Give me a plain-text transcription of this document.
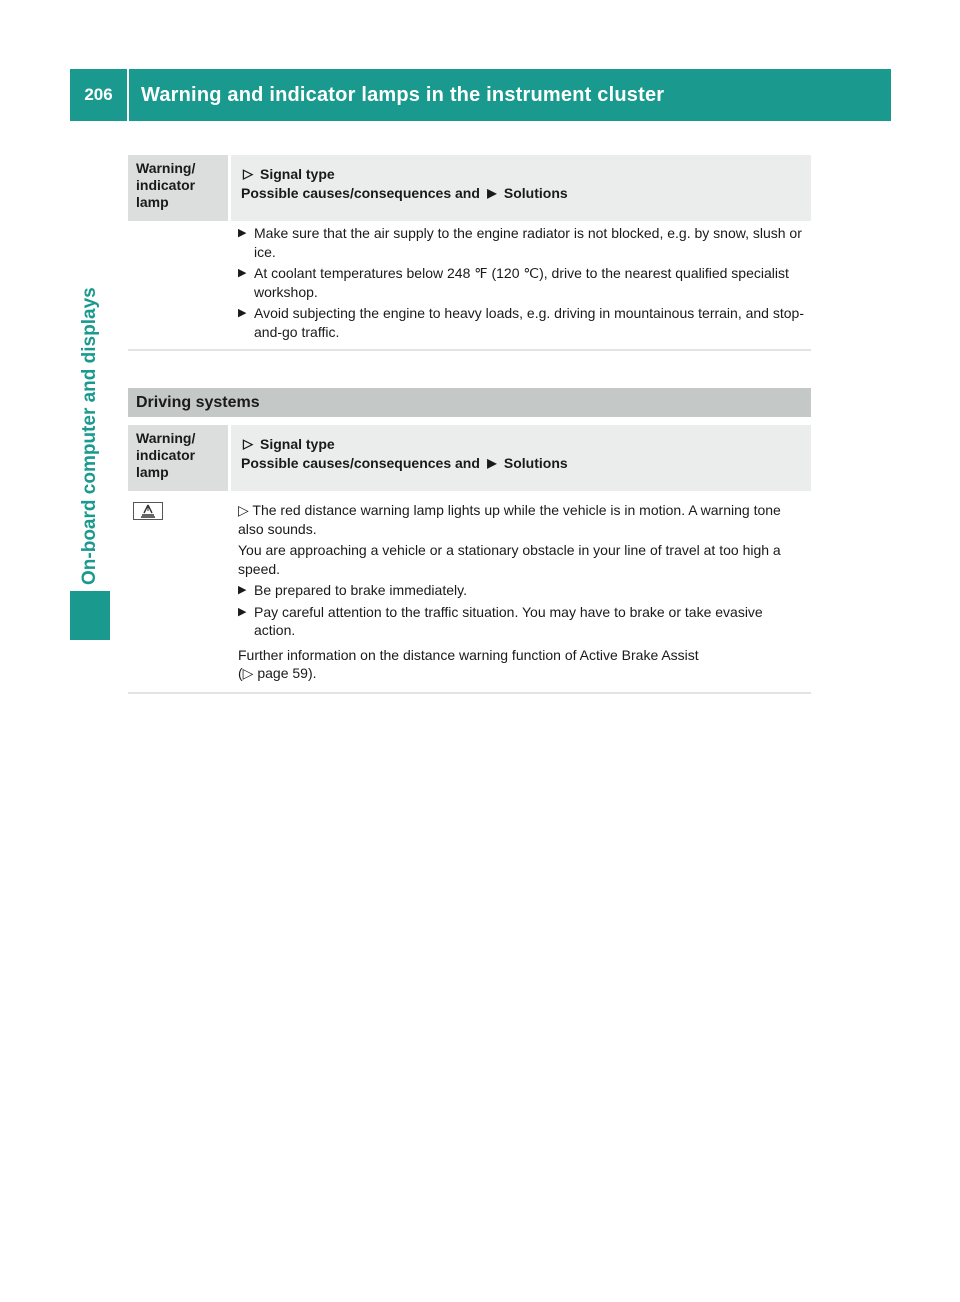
206	Warning and indicator lamps in the instrument cluster
On-board computer and displays
Warning/
indicator
lamp
▷ Signal type
Possible causes/consequences and ▶ Solutions
▶ Make sure that the air supply to the engine radiator is not blocked, e.g. by snow, slush or ice.
▶ At coolant temperatures below 248 ℉ (120 ℃), drive to the nearest qualified specialist workshop.
▶ Avoid subjecting the engine to heavy loads, e.g. driving in mountainous terrain, and stop-and-go traffic.
Driving systems
Warning/
indicator
lamp
▷ Signal type
Possible causes/consequences and ▶ Solutions
▷ The red distance warning lamp lights up while the vehicle is in motion. A warning tone also sounds.
You are approaching a vehicle or a stationary obstacle in your line of travel at too high a speed.
▶ Be prepared to brake immediately.
▶ Pay careful attention to the traffic situation. You may have to brake or take evasive action.
Further information on the distance warning function of Active Brake Assist
(▷ page 59).
